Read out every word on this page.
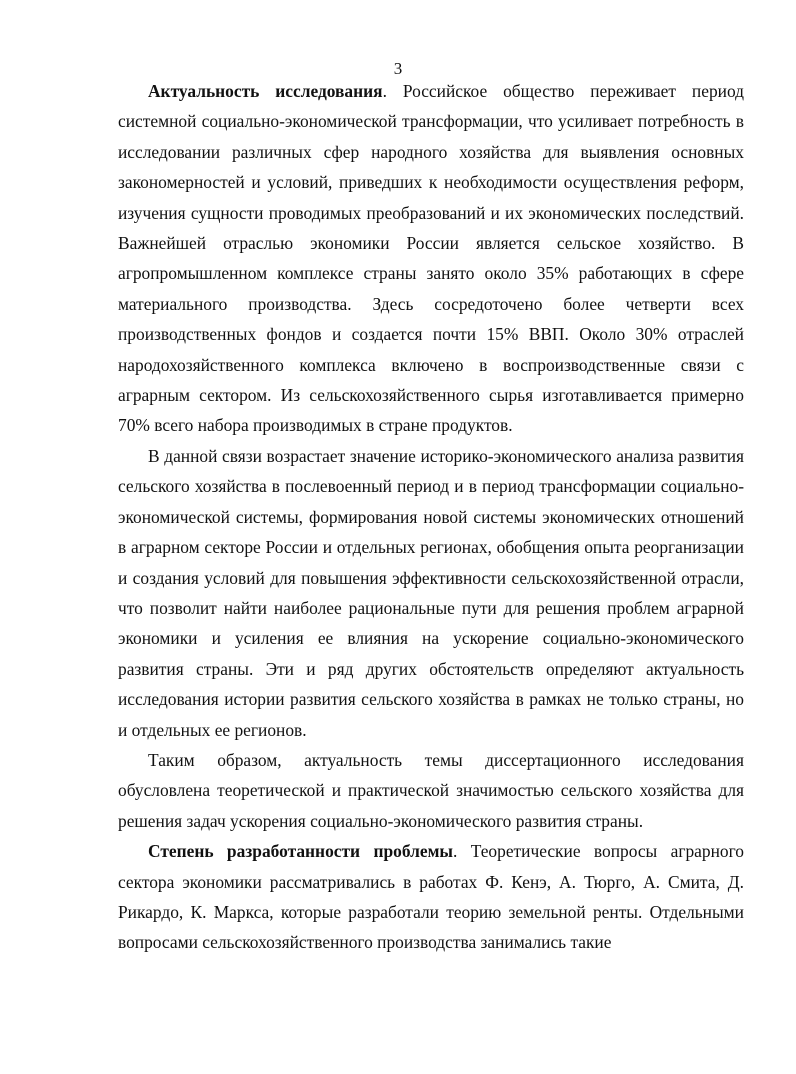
3

Актуальность исследования. Российское общество переживает период системной социально-экономической трансформации, что усиливает потребность в исследовании различных сфер народного хозяйства для выявления основных закономерностей и условий, приведших к необходимости осуществления реформ, изучения сущности проводимых преобразований и их экономических последствий. Важнейшей отраслью экономики России является сельское хозяйство. В агропромышленном комплексе страны занято около 35% работающих в сфере материального производства. Здесь сосредоточено более четверти всех производственных фондов и создается почти 15% ВВП. Около 30% отраслей народохозяйственного комплекса включено в воспроизводственные связи с аграрным сектором. Из сельскохозяйственного сырья изготавливается примерно 70% всего набора производимых в стране продуктов.

В данной связи возрастает значение историко-экономического анализа развития сельского хозяйства в послевоенный период и в период трансформации социально-экономической системы, формирования новой системы экономических отношений в аграрном секторе России и отдельных регионах, обобщения опыта реорганизации и создания условий для повышения эффективности сельскохозяйственной отрасли, что позволит найти наиболее рациональные пути для решения проблем аграрной экономики и усиления ее влияния на ускорение социально-экономического развития страны. Эти и ряд других обстоятельств определяют актуальность исследования истории развития сельского хозяйства в рамках не только страны, но и отдельных ее регионов.

Таким образом, актуальность темы диссертационного исследования обусловлена теоретической и практической значимостью сельского хозяйства для решения задач ускорения социально-экономического развития страны.

Степень разработанности проблемы. Теоретические вопросы аграрного сектора экономики рассматривались в работах Ф. Кенэ, А. Тюрго, А. Смита, Д. Рикардо, К. Маркса, которые разработали теорию земельной ренты. Отдельными вопросами сельскохозяйственного производства занимались такие
